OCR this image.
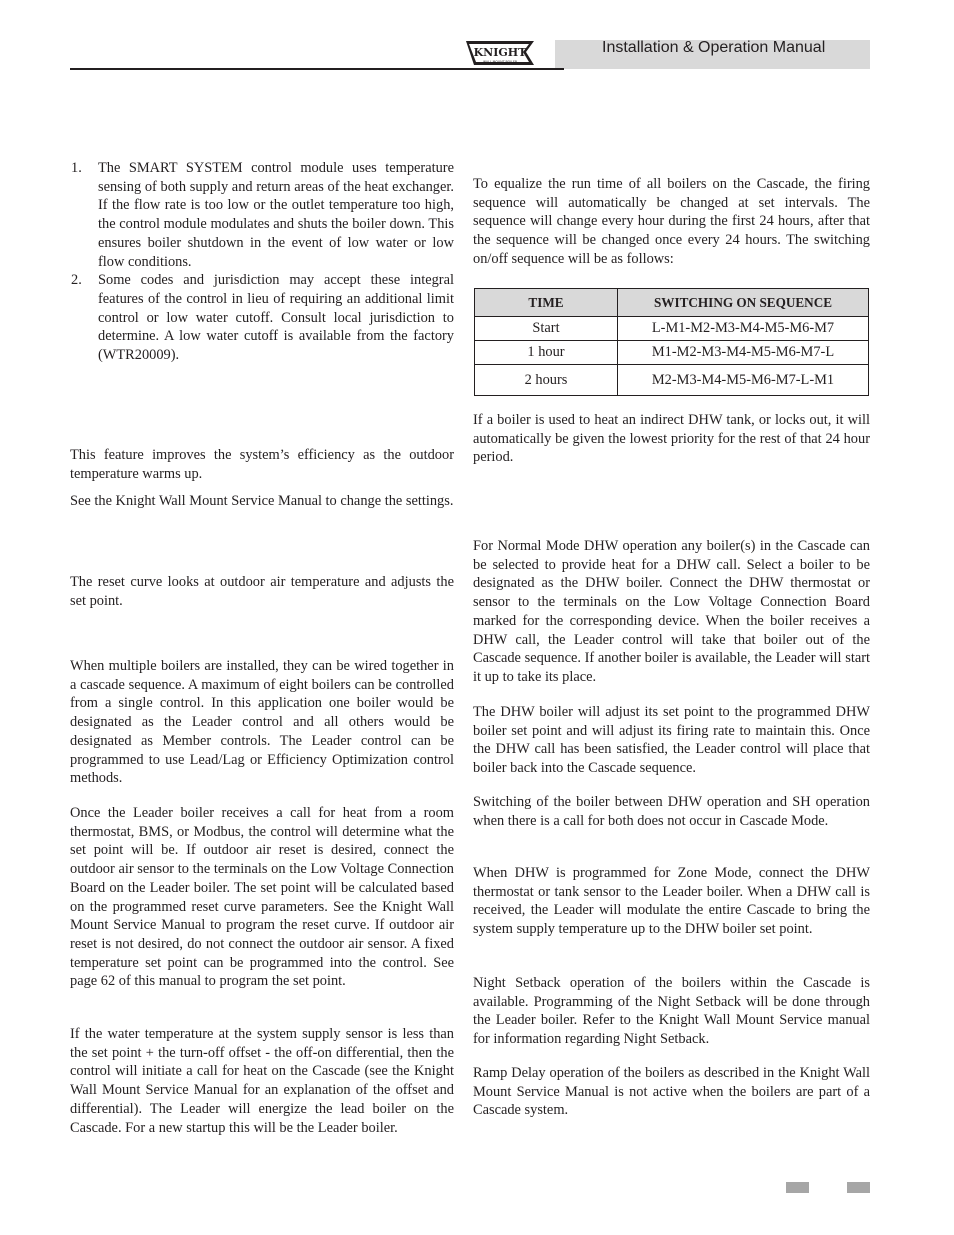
KNIGHT
WALL MOUNT BOILER
Installation & Operation Manual
1. The SMART SYSTEM control module uses temperature sensing of both supply and return areas of the heat exchanger. If the flow rate is too low or the outlet temperature too high, the control module modulates and shuts the boiler down. This ensures boiler shutdown in the event of low water or low flow conditions.
2. Some codes and jurisdiction may accept these integral features of the control in lieu of requiring an additional limit control or low water cutoff. Consult local jurisdiction to determine. A low water cutoff is available from the factory (WTR20009).

This feature improves the system’s efficiency as the outdoor temperature warms up.

See the Knight Wall Mount Service Manual to change the settings.

The reset curve looks at outdoor air temperature and adjusts the set point.

When multiple boilers are installed, they can be wired together in a cascade sequence. A maximum of eight boilers can be controlled from a single control. In this application one boiler would be designated as the Leader control and all others would be designated as Member controls. The Leader control can be programmed to use Lead/Lag or Efficiency Optimization control methods.

Once the Leader boiler receives a call for heat from a room thermostat, BMS, or Modbus, the control will determine what the set point will be. If outdoor air reset is desired, connect the outdoor air sensor to the terminals on the Low Voltage Connection Board on the Leader boiler. The set point will be calculated based on the programmed reset curve parameters. See the Knight Wall Mount Service Manual to program the reset curve. If outdoor air reset is not desired, do not connect the outdoor air sensor. A fixed temperature set point can be programmed into the control. See page 62 of this manual to program the set point.

If the water temperature at the system supply sensor is less than the set point + the turn-off offset - the off-on differential, then the control will initiate a call for heat on the Cascade (see the Knight Wall Mount Service Manual for an explanation of the offset and differential). The Leader will energize the lead boiler on the Cascade. For a new startup this will be the Leader boiler.

To equalize the run time of all boilers on the Cascade, the firing sequence will automatically be changed at set intervals. The sequence will change every hour during the first 24 hours, after that the sequence will be changed once every 24 hours. The switching on/off sequence will be as follows:

TIME	SWITCHING ON SEQUENCE
Start	L-M1-M2-M3-M4-M5-M6-M7
1 hour	M1-M2-M3-M4-M5-M6-M7-L
2 hours	M2-M3-M4-M5-M6-M7-L-M1

If a boiler is used to heat an indirect DHW tank, or locks out, it will automatically be given the lowest priority for the rest of that 24 hour period.

For Normal Mode DHW operation any boiler(s) in the Cascade can be selected to provide heat for a DHW call. Select a boiler to be designated as the DHW boiler. Connect the DHW thermostat or sensor to the terminals on the Low Voltage Connection Board marked for the corresponding device. When the boiler receives a DHW call, the Leader control will take that boiler out of the Cascade sequence. If another boiler is available, the Leader will start it up to take its place.

The DHW boiler will adjust its set point to the programmed DHW boiler set point and will adjust its firing rate to maintain this. Once the DHW call has been satisfied, the Leader control will place that boiler back into the Cascade sequence.

Switching of the boiler between DHW operation and SH operation when there is a call for both does not occur in Cascade Mode.

When DHW is programmed for Zone Mode, connect the DHW thermostat or tank sensor to the Leader boiler. When a DHW call is received, the Leader will modulate the entire Cascade to bring the system supply temperature up to the DHW boiler set point.

Night Setback operation of the boilers within the Cascade is available. Programming of the Night Setback will be done through the Leader boiler. Refer to the Knight Wall Mount Service manual for information regarding Night Setback.

Ramp Delay operation of the boilers as described in the Knight Wall Mount Service Manual is not active when the boilers are part of a Cascade system.
